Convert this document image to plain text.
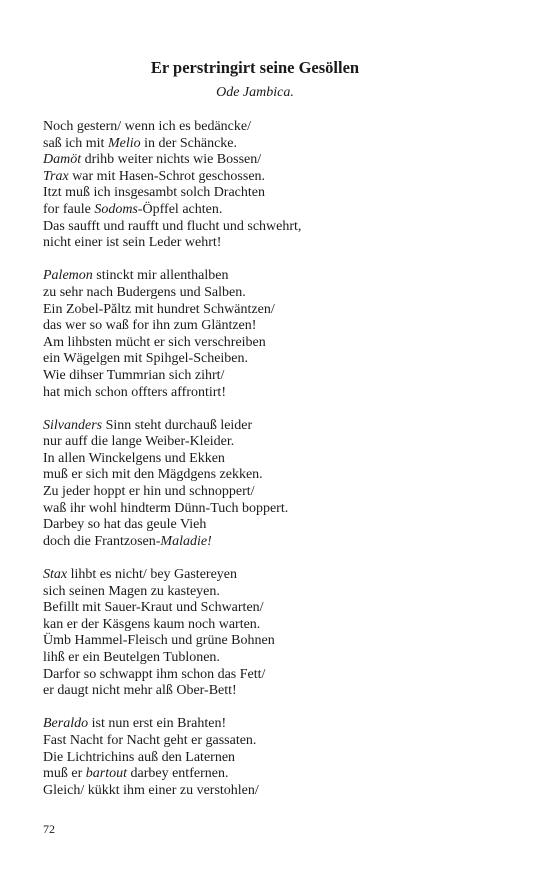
Er perstringirt seine Gesöllen
Ode Jambica.
Noch gestern/ wenn ich es bedäncke/
saß ich mit Melio in der Schäncke.
Damöt drihb weiter nichts wie Bossen/
Trax war mit Hasen-Schrot geschossen.
Itzt muß ich insgesambt solch Drachten
for faule Sodoms-Öpffel achten.
Das saufft und raufft und flucht und schwehrt,
nicht einer ist sein Leder wehrt!
Palemon stinckt mir allenthalben
zu sehr nach Budergens und Salben.
Ein Zobel-Păltz mit hundret Schwäntzen/
das wer so waß for ihn zum Gläntzen!
Am lihbsten mücht er sich verschreiben
ein Wägelgen mit Spihgel-Scheiben.
Wie dihser Tummrian sich zihrt/
hat mich schon offters affrontirt!
Silvanders Sinn steht durchauß leider
nur auff die lange Weiber-Kleider.
In allen Winckelgens und Ekken
muß er sich mit den Mägdgens zekken.
Zu jeder hoppt er hin und schnoppert/
waß ihr wohl hindterm Dünn-Tuch boppert.
Darbey so hat das geule Vieh
doch die Frantzosen-Maladie!
Stax lihbt es nicht/ bey Gastereyen
sich seinen Magen zu kasteyen.
Befillt mit Sauer-Kraut und Schwarten/
kan er der Käsgens kaum noch warten.
Ümb Hammel-Fleisch und grüne Bohnen
lihß er ein Beutelgen Tublonen.
Darfor so schwappt ihm schon das Fett/
er daugt nicht mehr alß Ober-Bett!
Beraldo ist nun erst ein Brahten!
Fast Nacht for Nacht geht er gassaten.
Die Lichtrichins auß den Laternen
muß er bartout darbey entfernen.
Gleich/ kükkt ihm einer zu verstohlen/
72
